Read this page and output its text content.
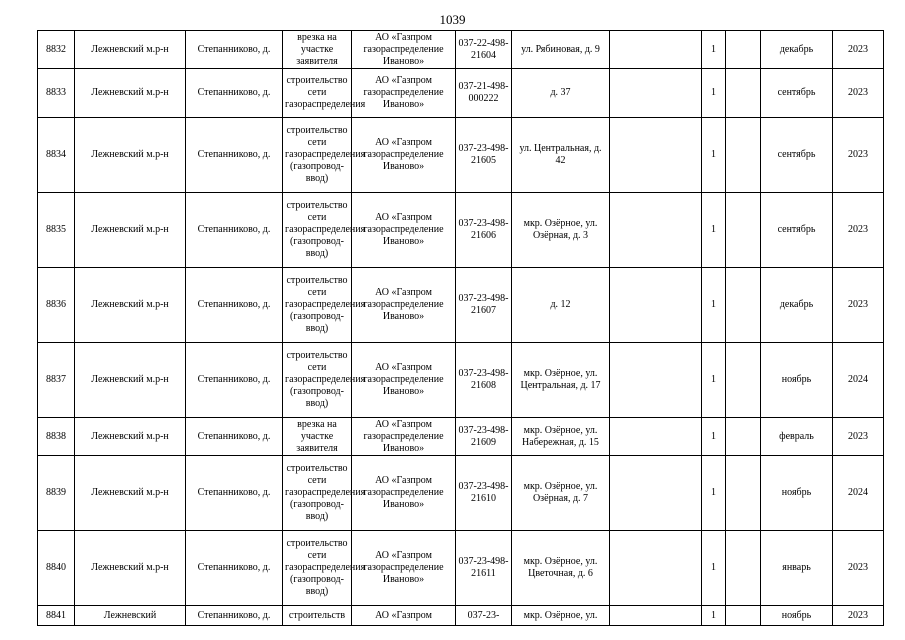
1039
8832	Лежневский м.р-н	Степанниково, д.	врезка на участке заявителя	АО «Газпром газораспределение Иваново»	037-22-498-21604	ул. Рябиновая, д. 9		1		декабрь	2023
8833	Лежневский м.р-н	Степанниково, д.	строительство сети газораспределения	АО «Газпром газораспределение Иваново»	037-21-498-000222	д. 37		1		сентябрь	2023
8834	Лежневский м.р-н	Степанниково, д.	строительство сети газораспределения (газопровод-ввод)	АО «Газпром газораспределение Иваново»	037-23-498-21605	ул. Центральная, д. 42		1		сентябрь	2023
8835	Лежневский м.р-н	Степанниково, д.	строительство сети газораспределения (газопровод-ввод)	АО «Газпром газораспределение Иваново»	037-23-498-21606	мкр. Озёрное, ул. Озёрная, д. 3		1		сентябрь	2023
8836	Лежневский м.р-н	Степанниково, д.	строительство сети газораспределения (газопровод-ввод)	АО «Газпром газораспределение Иваново»	037-23-498-21607	д. 12		1		декабрь	2023
8837	Лежневский м.р-н	Степанниково, д.	строительство сети газораспределения (газопровод-ввод)	АО «Газпром газораспределение Иваново»	037-23-498-21608	мкр. Озёрное, ул. Центральная, д. 17		1		ноябрь	2024
8838	Лежневский м.р-н	Степанниково, д.	врезка на участке заявителя	АО «Газпром газораспределение Иваново»	037-23-498-21609	мкр. Озёрное, ул. Набережная, д. 15		1		февраль	2023
8839	Лежневский м.р-н	Степанниково, д.	строительство сети газораспределения (газопровод-ввод)	АО «Газпром газораспределение Иваново»	037-23-498-21610	мкр. Озёрное, ул. Озёрная, д. 7		1		ноябрь	2024
8840	Лежневский м.р-н	Степанниково, д.	строительство сети газораспределения (газопровод-ввод)	АО «Газпром газораспределение Иваново»	037-23-498-21611	мкр. Озёрное, ул. Цветочная, д. 6		1		январь	2023
8841	Лежневский	Степанниково, д.	строительств	АО «Газпром	037-23-	мкр. Озёрное, ул.		1		ноябрь	2023
